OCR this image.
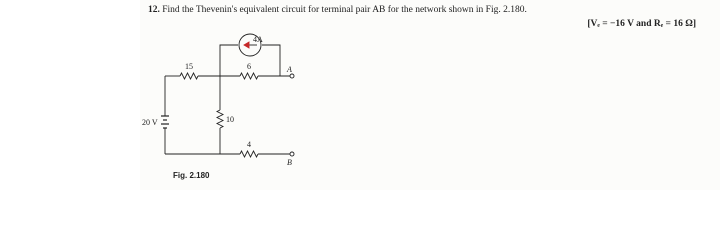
12. Find the Thevenin's equivalent circuit for terminal pair AB for the network shown in Fig. 2.180.
[Vₑ = −16 V and Rₑ = 16 Ω]
4A
15	6
20 V	10
4
A
B
Fig. 2.180
